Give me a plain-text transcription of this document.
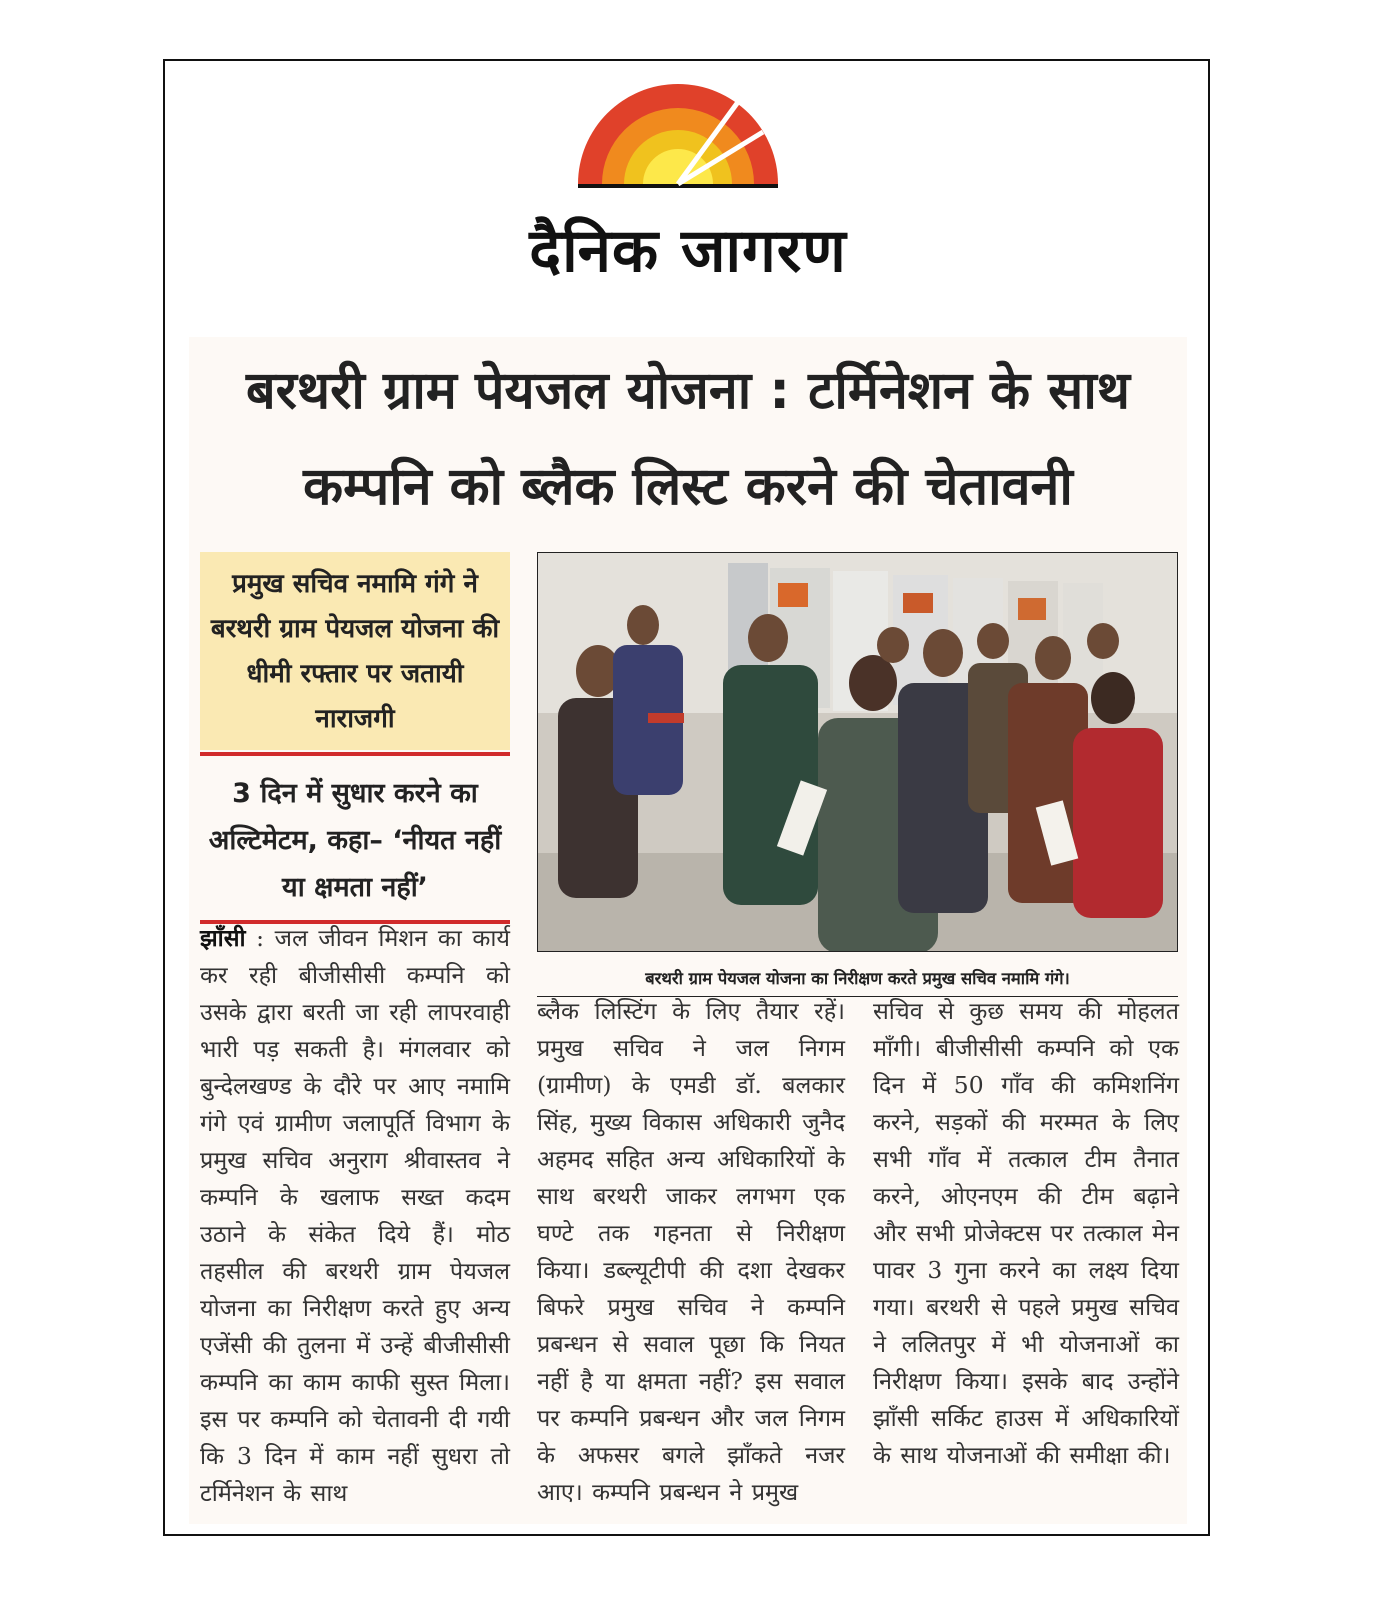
दैनिक जागरण
बरथरी ग्राम पेयजल योजना : टर्मिनेशन के साथ
कम्पनि को ब्लैक लिस्ट करने की चेतावनी
प्रमुख सचिव नमामि गंगे ने बरथरी ग्राम पेयजल योजना की धीमी रफ्तार पर जतायी नाराजगी
3 दिन में सुधार करने का अल्टिमेटम, कहा– ‘नीयत नहीं या क्षमता नहीं’
बरथरी ग्राम पेयजल योजना का निरीक्षण करते प्रमुख सचिव नमामि गंगे।
झाँसी : जल जीवन मिशन का कार्य कर रही बीजीसीसी कम्पनि को उसके द्वारा बरती जा रही लापरवाही भारी पड़ सकती है। मंगलवार को बुन्देलखण्ड के दौरे पर आए नमामि गंगे एवं ग्रामीण जलापूर्ति विभाग के प्रमुख सचिव अनुराग श्रीवास्तव ने कम्पनि के खलाफ सख्त कदम उठाने के संकेत दिये हैं। मोठ तहसील की बरथरी ग्राम पेयजल योजना का निरीक्षण करते हुए अन्य एजेंसी की तुलना में उन्हें बीजीसीसी कम्पनि का काम काफी सुस्त मिला। इस पर कम्पनि को चेतावनी दी गयी कि 3 दिन में काम नहीं सुधरा तो टर्मिनेशन के साथ
ब्लैक लिस्टिंग के लिए तैयार रहें। प्रमुख सचिव ने जल निगम (ग्रामीण) के एमडी डॉ. बलकार सिंह, मुख्य विकास अधिकारी जुनैद अहमद सहित अन्य अधिकारियों के साथ बरथरी जाकर लगभग एक घण्टे तक गहनता से निरीक्षण किया। डब्ल्यूटीपी की दशा देखकर बिफरे प्रमुख सचिव ने कम्पनि प्रबन्धन से सवाल पूछा कि नियत नहीं है या क्षमता नहीं? इस सवाल पर कम्पनि प्रबन्धन और जल निगम के अफसर बगले झाँकते नजर आए। कम्पनि प्रबन्धन ने प्रमुख
सचिव से कुछ समय की मोहलत माँगी। बीजीसीसी कम्पनि को एक दिन में 50 गाँव की कमिशनिंग करने, सड़कों की मरम्मत के लिए सभी गाँव में तत्काल टीम तैनात करने, ओएनएम की टीम बढ़ाने और सभी प्रोजेक्टस पर तत्काल मेन पावर 3 गुना करने का लक्ष्य दिया गया। बरथरी से पहले प्रमुख सचिव ने ललितपुर में भी योजनाओं का निरीक्षण किया। इसके बाद उन्होंने झाँसी सर्किट हाउस में अधिकारियों के साथ योजनाओं की समीक्षा की।
